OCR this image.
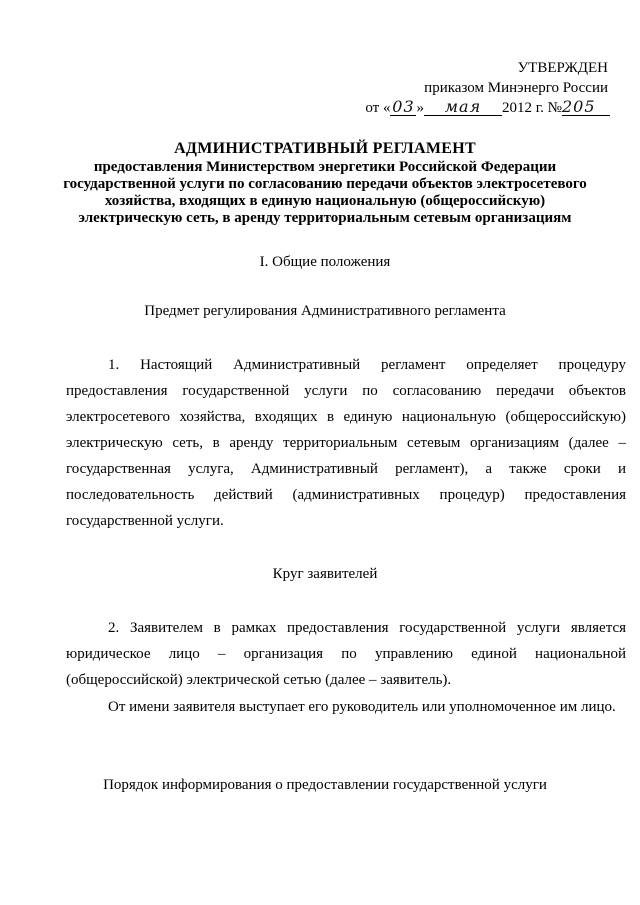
УТВЕРЖДЕН
приказом Минэнерго России
от « 03 » мая 2012 г. №205
АДМИНИСТРАТИВНЫЙ РЕГЛАМЕНТ
предоставления Министерством энергетики Российской Федерации
государственной услуги по согласованию передачи объектов электросетевого
хозяйства, входящих в единую национальную (общероссийскую)
электрическую сеть, в аренду территориальным сетевым организациям
I. Общие положения
Предмет регулирования Административного регламента
1. Настоящий Административный регламент определяет процедуру предоставления государственной услуги по согласованию передачи объектов электросетевого хозяйства, входящих в единую национальную (общероссийскую) электрическую сеть, в аренду территориальным сетевым организациям (далее – государственная услуга, Административный регламент), а также сроки и последовательность действий (административных процедур) предоставления государственной услуги.
Круг заявителей
2. Заявителем в рамках предоставления государственной услуги является юридическое лицо – организация по управлению единой национальной (общероссийской) электрической сетью (далее – заявитель).
От имени заявителя выступает его руководитель или уполномоченное им лицо.
Порядок информирования о предоставлении государственной услуги
